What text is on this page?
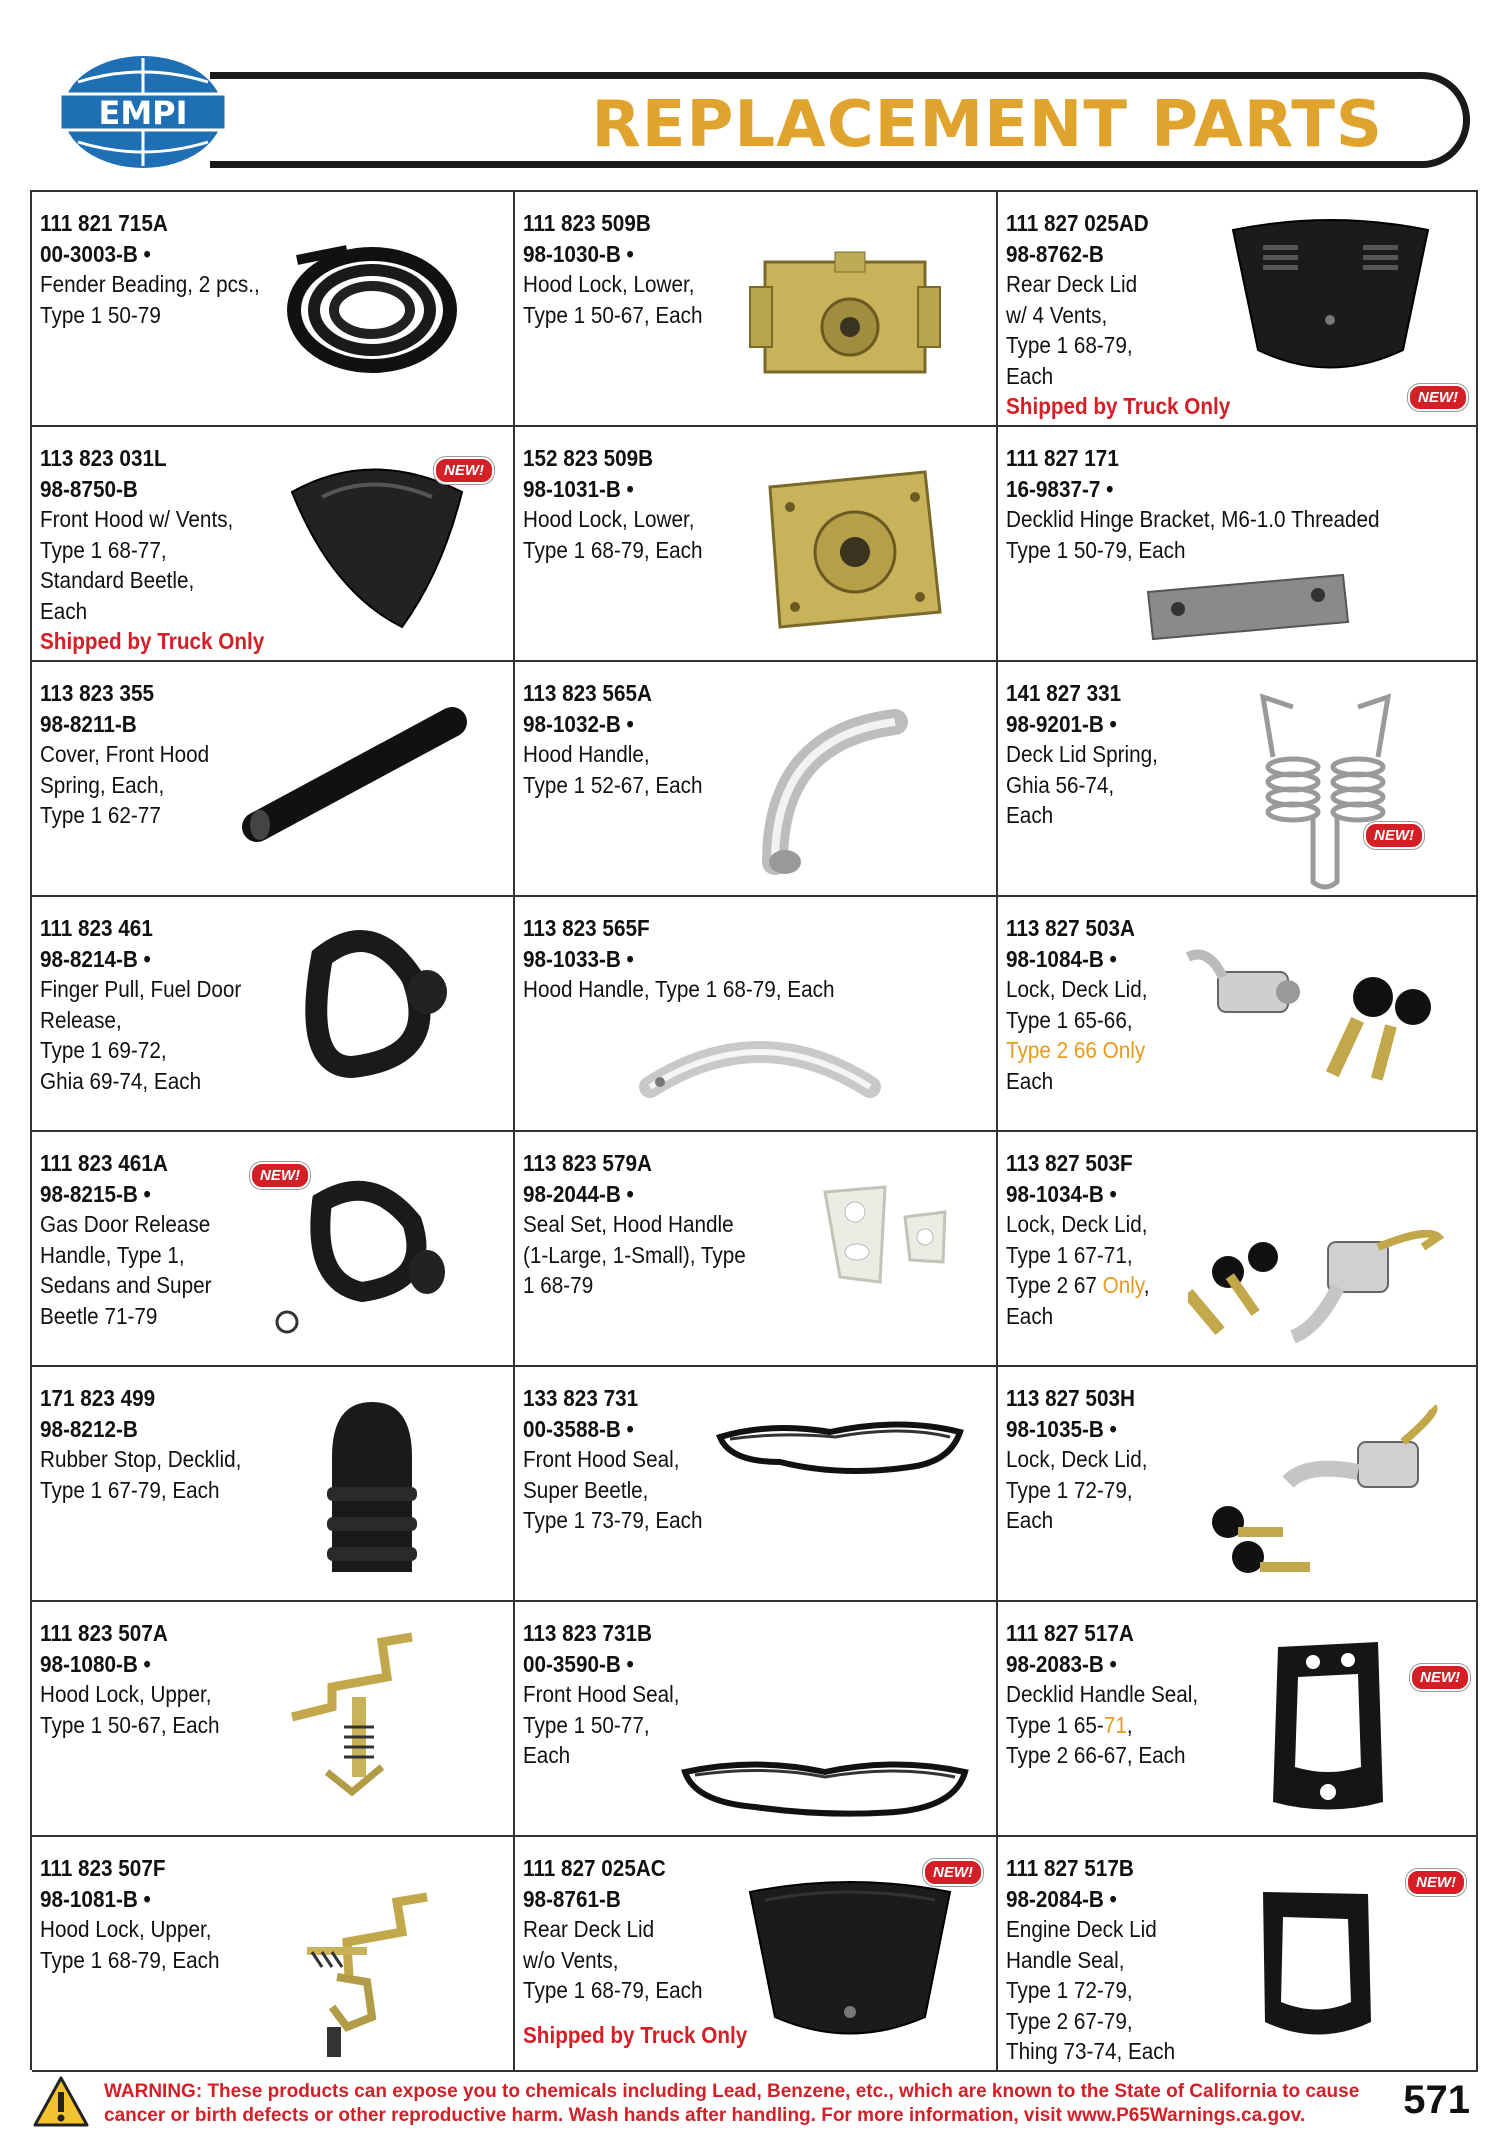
EMPI	REPLACEMENT PARTS
111 821 715A
00-3003-B •
Fender Beading, 2 pcs.,
Type 1 50-79
111 823 509B
98-1030-B •
Hood Lock, Lower,
Type 1 50-67, Each
111 827 025AD
98-8762-B
Rear Deck Lid
w/ 4 Vents,
Type 1 68-79,
Each
Shipped by Truck Only	NEW!
113 823 031L
98-8750-B
Front Hood w/ Vents,
Type 1 68-77,
Standard Beetle,
Each
Shipped by Truck Only
NEW!	152 823 509B
98-1031-B •
Hood Lock, Lower,
Type 1 68-79, Each
111 827 171
16-9837-7 •
Decklid Hinge Bracket, M6-1.0 Threaded
Type 1 50-79, Each
113 823 355
98-8211-B
Cover, Front Hood
Spring, Each,
Type 1 62-77
113 823 565A
98-1032-B •
Hood Handle,
Type 1 52-67, Each
141 827 331
98-9201-B •
Deck Lid Spring,
Ghia 56-74,
Each
NEW!
111 823 461
98-8214-B •
Finger Pull, Fuel Door
Release,
Type 1 69-72,
Ghia 69-74, Each
113 823 565F
98-1033-B •
Hood Handle, Type 1 68-79, Each
113 827 503A
98-1084-B •
Lock, Deck Lid,
Type 1 65-66,
Type 2 66 Only
Each
111 823 461A
98-8215-B •
Gas Door Release
Handle, Type 1,
Sedans and Super
Beetle 71-79
NEW!	113 823 579A
98-2044-B •
Seal Set, Hood Handle
(1-Large, 1-Small), Type
1 68-79
113 827 503F
98-1034-B •
Lock, Deck Lid,
Type 1 67-71,
Type 2 67 Only,
Each
171 823 499
98-8212-B
Rubber Stop, Decklid,
Type 1 67-79, Each
133 823 731
00-3588-B •
Front Hood Seal,
Super Beetle,
Type 1 73-79, Each
113 827 503H
98-1035-B •
Lock, Deck Lid,
Type 1 72-79,
Each
111 823 507A
98-1080-B •
Hood Lock, Upper,
Type 1 50-67, Each
113 823 731B
00-3590-B •
Front Hood Seal,
Type 1 50-77,
Each
111 827 517A
98-2083-B •
Decklid Handle Seal,
Type 1 65-71,
Type 2 66-67, Each
NEW!
111 823 507F
98-1081-B •
Hood Lock, Upper,
Type 1 68-79, Each
111 827 025AC
98-8761-B
Rear Deck Lid
w/o Vents,
Type 1 68-79, Each
Shipped by Truck Only
NEW!	111 827 517B
98-2084-B •
Engine Deck Lid
Handle Seal,
Type 1 72-79,
Type 2 67-79,
Thing 73-74, Each
NEW!
WARNING: These products can expose you to chemicals including Lead, Benzene, etc., which are known to the State of California to cause
cancer or birth defects or other reproductive harm. Wash hands after handling. For more information, visit www.P65Warnings.ca.gov.	571
